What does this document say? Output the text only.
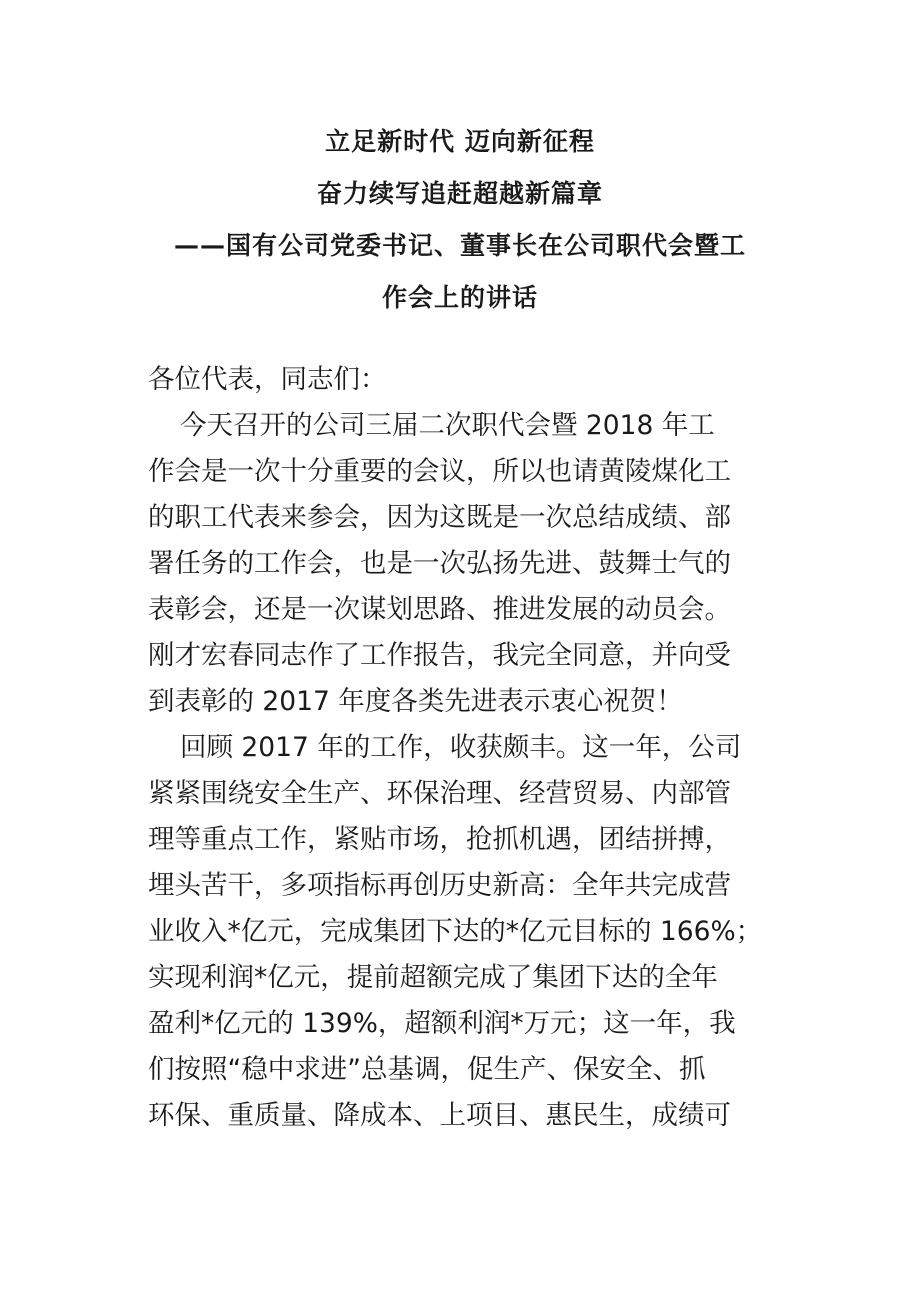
立足新时代 迈向新征程
奋力续写追赶超越新篇章
——国有公司党委书记、董事长在公司职代会暨工
作会上的讲话
各位代表，同志们：
今天召开的公司三届二次职代会暨 2018 年工
作会是一次十分重要的会议，所以也请黄陵煤化工
的职工代表来参会，因为这既是一次总结成绩、部
署任务的工作会，也是一次弘扬先进、鼓舞士气的
表彰会，还是一次谋划思路、推进发展的动员会。
刚才宏春同志作了工作报告，我完全同意，并向受
到表彰的 2017 年度各类先进表示衷心祝贺！
回顾 2017 年的工作，收获颇丰。这一年，公司
紧紧围绕安全生产、环保治理、经营贸易、内部管
理等重点工作，紧贴市场，抢抓机遇，团结拼搏，
埋头苦干，多项指标再创历史新高：全年共完成营
业收入*亿元，完成集团下达的*亿元目标的 166%；
实现利润*亿元，提前超额完成了集团下达的全年
盈利*亿元的 139%，超额利润*万元；这一年，我
们按照“稳中求进”总基调，促生产、保安全、抓
环保、重质量、降成本、上项目、惠民生，成绩可
